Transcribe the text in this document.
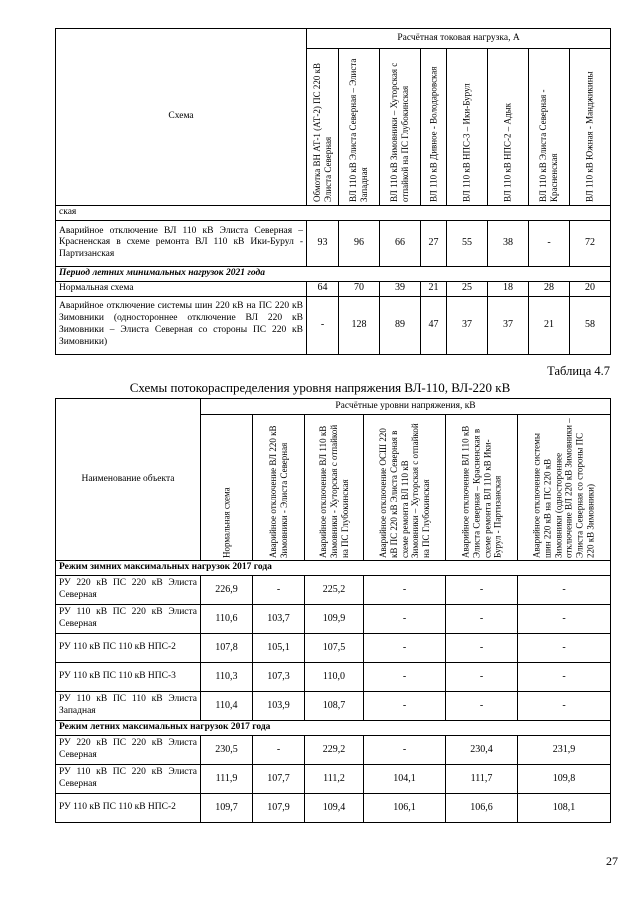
Схема	Расчётная токовая нагрузка, А							

	Обмотка ВН АТ-1 (АТ-2) ПС 220 кВ Элиста Северная	ВЛ 110 кВ Элиста Северная – Элиста Западная	ВЛ 110 кВ Зимовники – Хуторская с отпайкой на ПС Глубокинская	ВЛ 110 кВ Дивное - Володаровская	ВЛ 110 кВ НПС-3 – Ики-Бурул	ВЛ 110 кВ НПС-2 – Адык	ВЛ 110 кВ Элиста Северная - Красненская	ВЛ 110 кВ Южная - Манджикины

ская								
Аварийное отключение ВЛ 110 кВ Элиста Северная – Красненская в схеме ремонта ВЛ 110 кВ Ики-Бурул - Партизанская	93	96	66	27	55	38	-	72
Период летних минимальных нагрузок 2021 года								
Нормальная схема	64	70	39	21	25	18	28	20
Аварийное отключение системы шин 220 кВ на ПС 220 кВ Зимовники (одностороннее отключение ВЛ 220 кВ Зимовники – Элиста Северная со стороны ПС 220 кВ Зимовники)	-	128	89	47	37	37	21	58
Таблица 4.7
Схемы потокораспределения уровня напряжения ВЛ-110, ВЛ-220 кВ
Наименование объекта	Расчётные уровни напряжения, кВ					

	Нормальная схема	Аварийное отключение ВЛ 220 кВ Зимовники - Элиста Северная	Аварийное отключение ВЛ 110 кВ Зимовники - Хуторская с отпайкой на ПС Глубокинская	Аварийное отключение ОСШ 220 кВ ПС 220 кВ Элиста Северная в схеме ремонта ВЛ 110 кВ Зимовники – Хуторская с отпайкой на ПС Глубокинская	Аварийное отключение ВЛ 110 кВ Элиста Северная – Красненская в схеме ремонта ВЛ 110 кВ Ики-Бурул - Партизанская	Аварийное отключение системы шин 220 кВ на ПС 220 кВ Зимовники (одностороннее отключение ВЛ 220 кВ Зимовники – Элиста Северная со стороны ПС 220 кВ Зимовники)

Режим зимних максимальных нагрузок 2017 года						
РУ 220 кВ ПС 220 кВ Элиста Северная	226,9	-	225,2	-	-	-
РУ 110 кВ ПС 220 кВ Элиста Северная	110,6	103,7	109,9	-	-	-
РУ 110 кВ ПС 110 кВ НПС-2	107,8	105,1	107,5	-	-	-
РУ 110 кВ ПС 110 кВ НПС-3	110,3	107,3	110,0	-	-	-
РУ 110 кВ ПС 110 кВ Элиста Западная	110,4	103,9	108,7	-	-	-
Режим летних максимальных нагрузок 2017 года						
РУ 220 кВ ПС 220 кВ Элиста Северная	230,5	-	229,2	-	230,4	231,9
РУ 110 кВ ПС 220 кВ Элиста Северная	111,9	107,7	111,2	104,1	111,7	109,8
РУ 110 кВ ПС 110 кВ НПС-2	109,7	107,9	109,4	106,1	106,6	108,1
27
